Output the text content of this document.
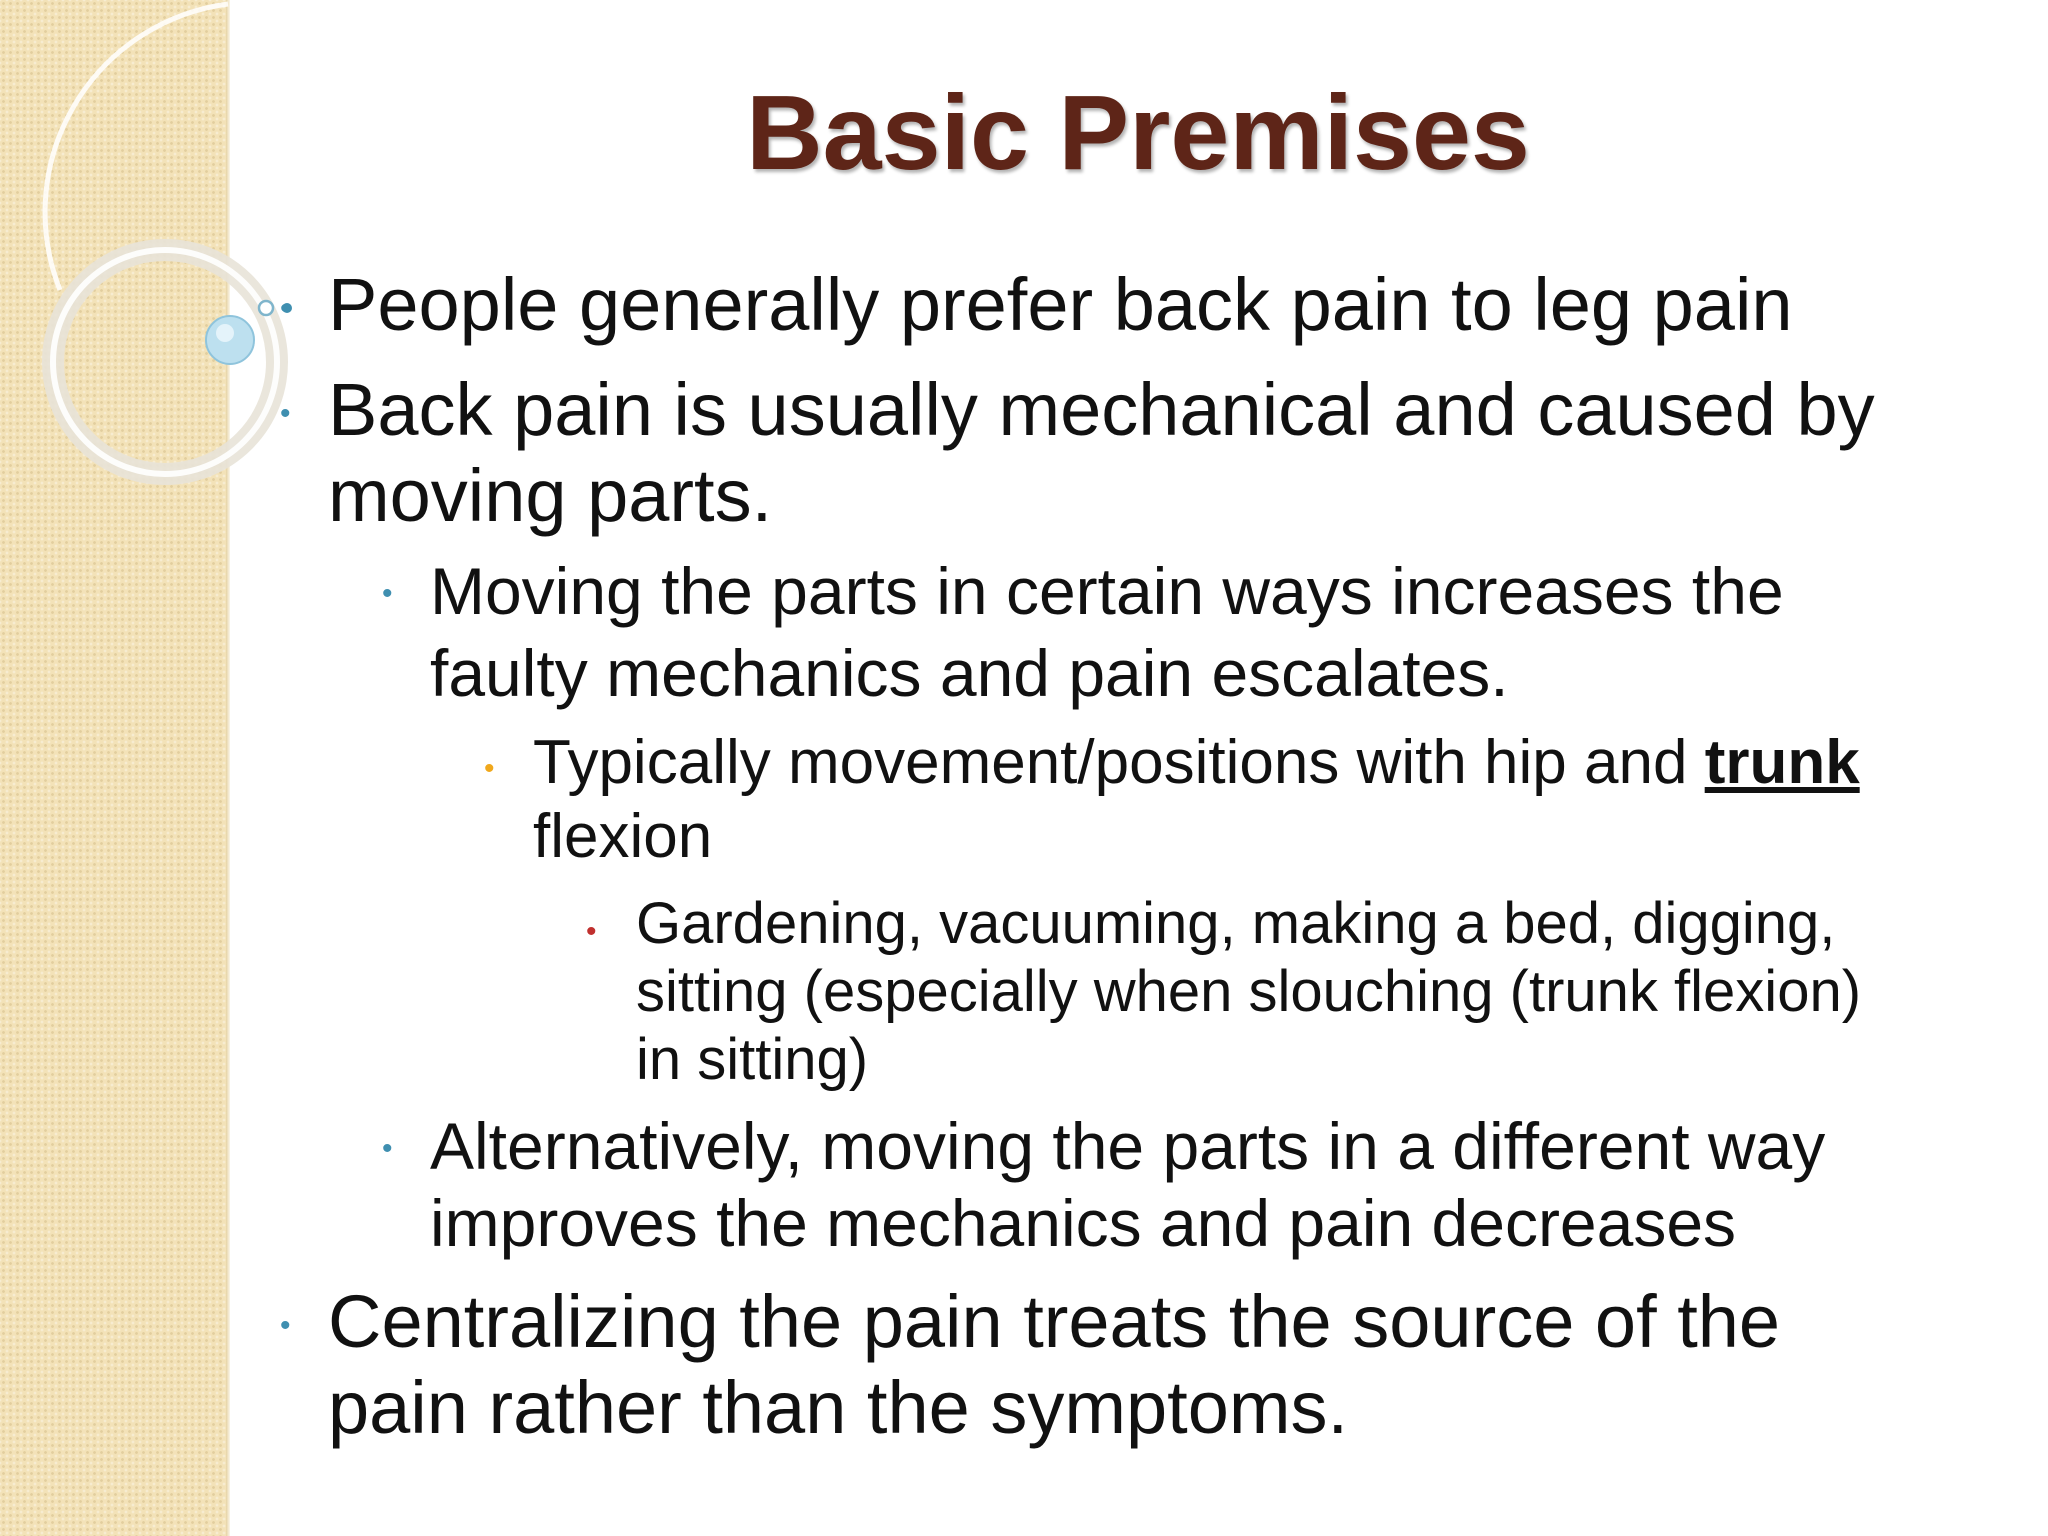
Basic Premises
• People generally prefer back pain to leg pain
• Back pain is usually mechanical and caused by
moving parts.
• Moving the parts in certain ways increases the
faulty mechanics and pain escalates.
• Typically movement/positions with hip and trunk
flexion
• Gardening, vacuuming, making a bed, digging,
sitting (especially when slouching (trunk flexion)
in sitting)
• Alternatively, moving the parts in a different way
improves the mechanics and pain decreases
• Centralizing the pain treats the source of the
pain rather than the symptoms.
